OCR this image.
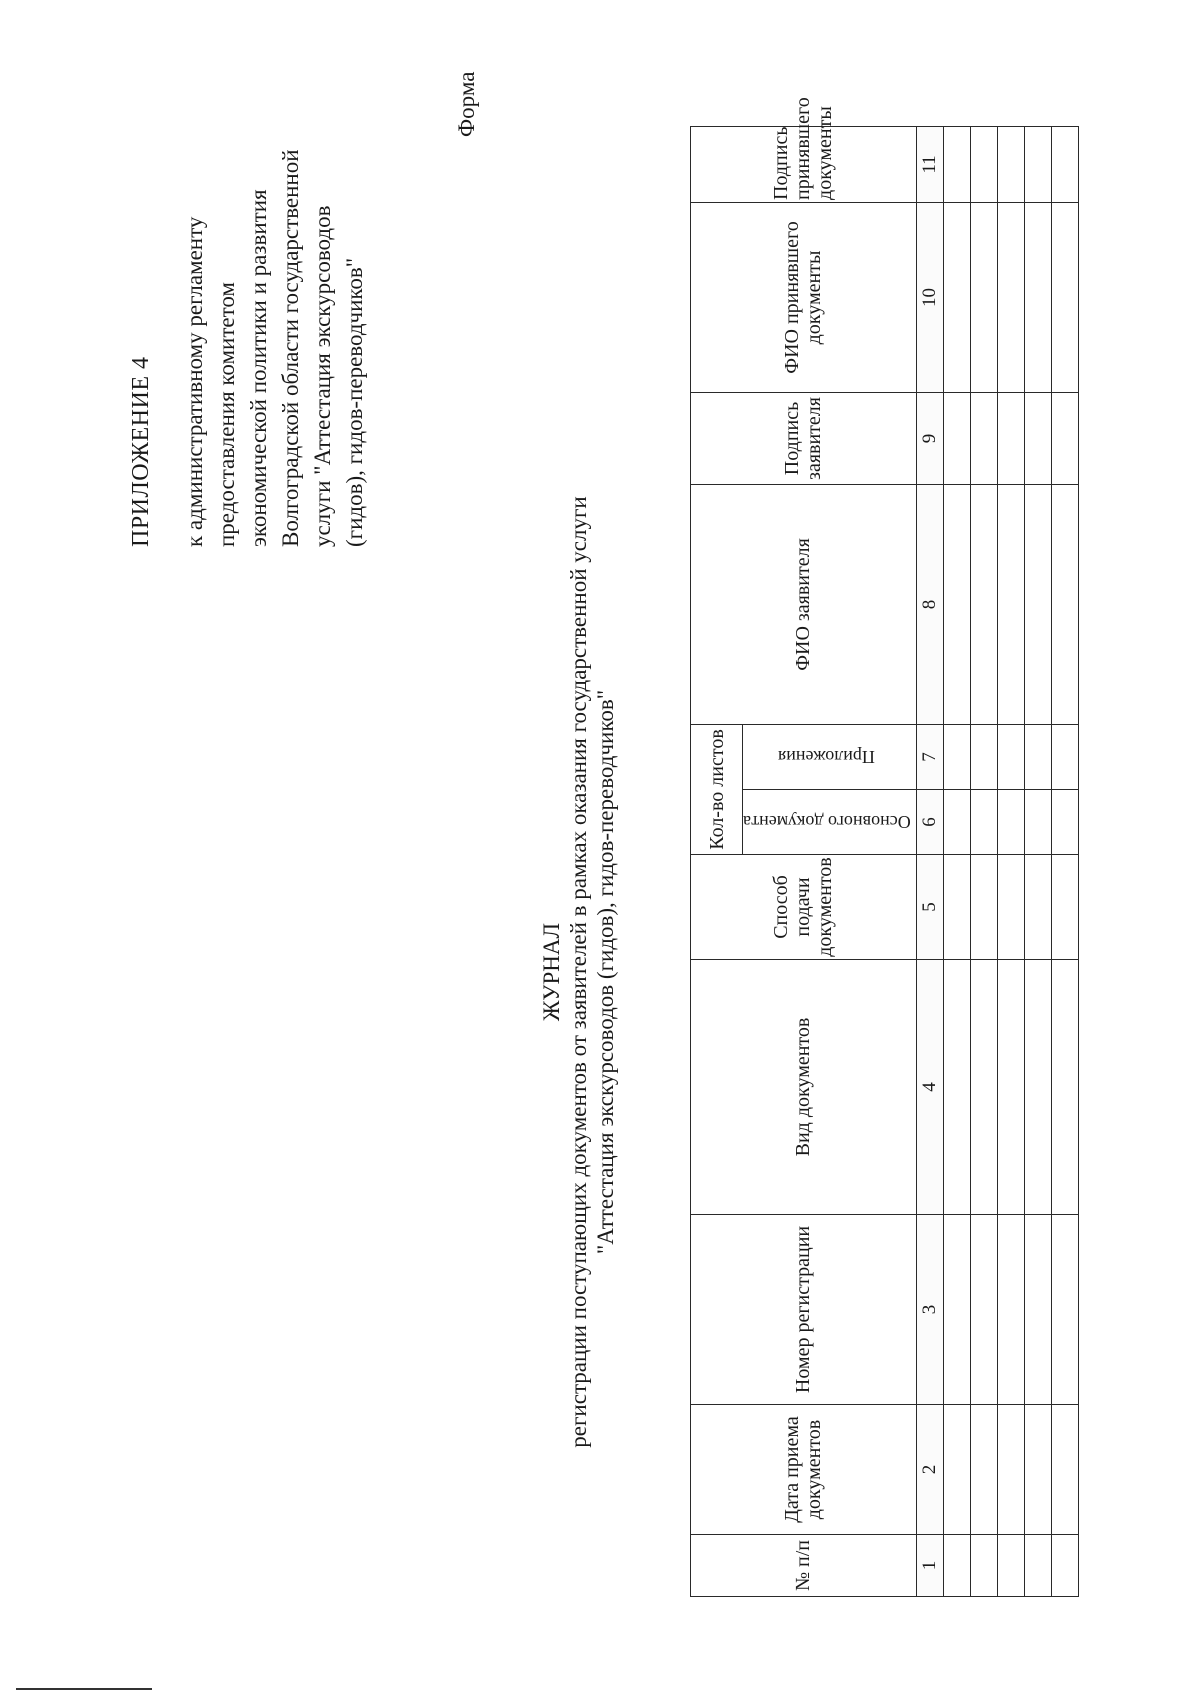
ПРИЛОЖЕНИЕ 4 к административному регламенту
предоставления комитетом
экономической политики и развития
Волгоградской области государственной
услуги "Аттестация экскурсоводов
(гидов), гидов-переводчиков"
Форма
ЖУРНАЛ регистрации поступающих документов от заявителей в рамках оказания государственной услуги "Аттестация экскурсоводов (гидов), гидов-переводчиков"
№ п/п	Дата приема документов	Номер регистрации	Вид документов	Способ подачи документов	Кол-во листов		ФИО заявителя	Подпись заявителя	ФИО принявшего документы	Подпись принявшего документы
					Основного документа	Приложения				
1	2	3	4	5	6	7	8	9	10	11
